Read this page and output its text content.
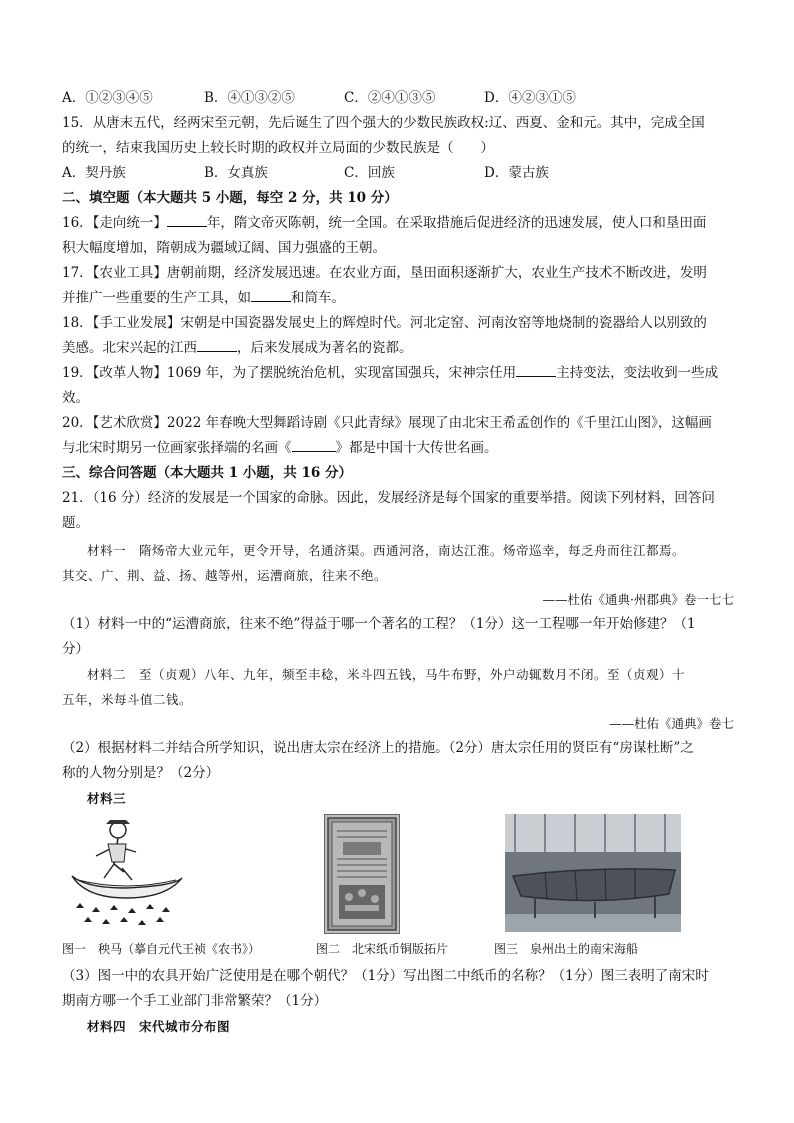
A．①②③④⑤	B．④①③②⑤	C．②④①③⑤	D．④②③①⑤
15．从唐末五代，经两宋至元朝，先后诞生了四个强大的少数民族政权:辽、西夏、金和元。其中，完成全国
的统一，结束我国历史上较长时期的政权并立局面的少数民族是（　　）
A．契丹族	B．女真族	C．回族	D．蒙古族
二、填空题（本大题共 5 小题，每空 2 分，共 10 分）
16．【走向统一】	年，隋文帝灭陈朝，统一全国。在采取措施后促进经济的迅速发展，使人口和垦田面
积大幅度增加，隋朝成为疆域辽阔、国力强盛的王朝。
17．【农业工具】唐朝前期，经济发展迅速。在农业方面，垦田面积逐渐扩大，农业生产技术不断改进，发明
并推广一些重要的生产工具，如	和筒车。
18．【手工业发展】宋朝是中国瓷器发展史上的辉煌时代。河北定窑、河南汝窑等地烧制的瓷器给人以别致的
美感。北宋兴起的江西	，后来发展成为著名的瓷都。
19．【改革人物】1069 年，为了摆脱统治危机，实现富国强兵，宋神宗任用	主持变法，变法收到一些成
效。
20．【艺术欣赏】2022 年春晚大型舞蹈诗剧《只此青绿》展现了由北宋王希孟创作的《千里江山图》，这幅画
与北宋时期另一位画家张择端的名画《	》都是中国十大传世名画。
三、综合问答题（本大题共 1 小题，共 16 分）
21．（16 分）经济的发展是一个国家的命脉。因此，发展经济是每个国家的重要举措。阅读下列材料，回答问
题。
材料一　隋炀帝大业元年，更令开导，名通济渠。西通河洛，南达江淮。炀帝巡幸，每乏舟而往江都焉。
其交、广、荆、益、扬、越等州，运漕商旅，往来不绝。
——杜佑《通典·州郡典》卷一七七
（1）材料一中的“运漕商旅，往来不绝”得益于哪一个著名的工程？（1分）这一工程哪一年开始修建？（1
分）
材料二　至（贞观）八年、九年，频至丰稔，米斗四五钱，马牛布野，外户动辄数月不闭。至（贞观）十
五年，米每斗值二钱。
——杜佑《通典》卷七
（2）根据材料二并结合所学知识，说出唐太宗在经济上的措施。（2分）唐太宗任用的贤臣有“房谋杜断”之
称的人物分别是？（2分）
材料三
图一　秧马（摹自元代王祯《农书》）	图二　北宋纸币铜版拓片	图三　泉州出土的南宋海船
（3）图一中的农具开始广泛使用是在哪个朝代？（1分）写出图二中纸币的名称？（1分）图三表明了南宋时
期南方哪一个手工业部门非常繁荣？（1分）
材料四　宋代城市分布图
